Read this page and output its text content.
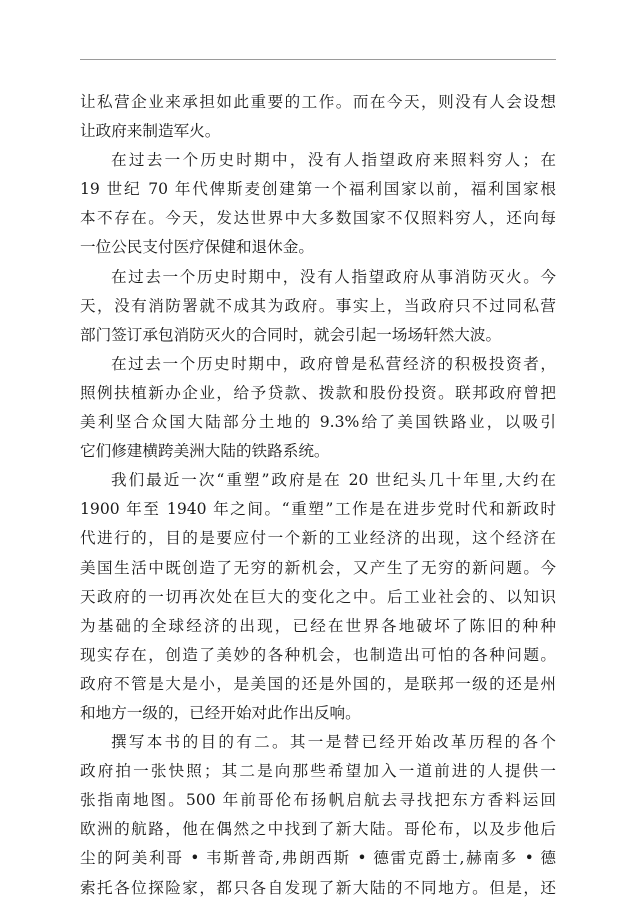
让私营企业来承担如此重要的工作。而在今天，则没有人会设想
让政府来制造军火。
在过去一个历史时期中，没有人指望政府来照料穷人；在
19 世纪 70 年代俾斯麦创建第一个福利国家以前，福利国家根
本不存在。今天，发达世界中大多数国家不仅照料穷人，还向每
一位公民支付医疗保健和退休金。
在过去一个历史时期中，没有人指望政府从事消防灭火。今
天，没有消防署就不成其为政府。事实上，当政府只不过同私营
部门签订承包消防灭火的合同时，就会引起一场场轩然大波。
在过去一个历史时期中，政府曾是私营经济的积极投资者，
照例扶植新办企业，给予贷款、拨款和股份投资。联邦政府曾把
美利坚合众国大陆部分土地的 9.3%给了美国铁路业，以吸引
它们修建横跨美洲大陆的铁路系统。
我们最近一次“重塑”政府是在 20 世纪头几十年里,大约在
1900 年至 1940 年之间。“重塑”工作是在进步党时代和新政时
代进行的，目的是要应付一个新的工业经济的出现，这个经济在
美国生活中既创造了无穷的新机会，又产生了无穷的新问题。今
天政府的一切再次处在巨大的变化之中。后工业社会的、以知识
为基础的全球经济的出现，已经在世界各地破坏了陈旧的种种
现实存在，创造了美妙的各种机会，也制造出可怕的各种问题。
政府不管是大是小，是美国的还是外国的，是联邦一级的还是州
和地方一级的，已经开始对此作出反响。
撰写本书的目的有二。其一是替已经开始改革历程的各个
政府拍一张快照；其二是向那些希望加入一道前进的人提供一
张指南地图。500 年前哥伦布扬帆启航去寻找把东方香料运回
欧洲的航路，他在偶然之中找到了新大陆。哥伦布，以及步他后
尘的阿美利哥 • 韦斯普奇,弗朗西斯 • 德雷克爵士,赫南多 • 德
索托各位探险家，都只各自发现了新大陆的不同地方。但是，还
